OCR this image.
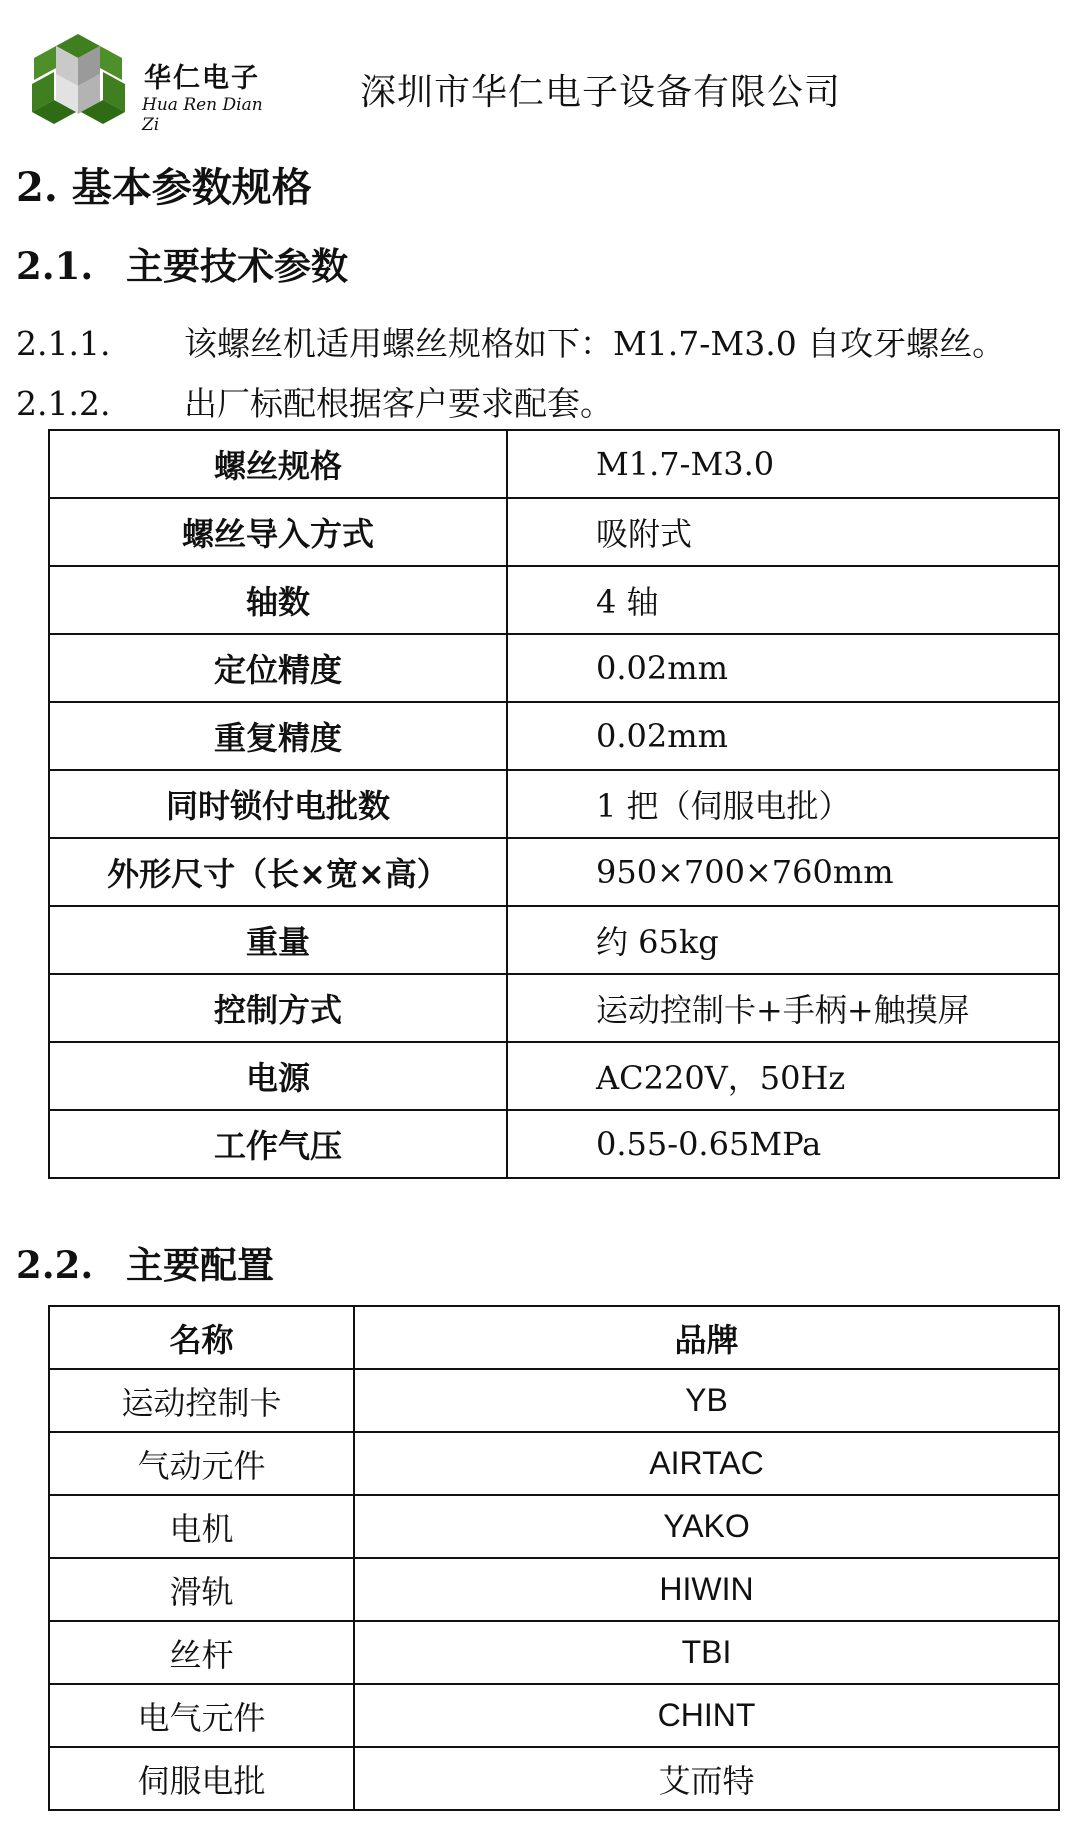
华仁电子
Hua Ren Dian Zi
深圳市华仁电子设备有限公司
2. 基本参数规格
2.1. 主要技术参数
2.1.1. 该螺丝机适用螺丝规格如下：M1.7-M3.0 自攻牙螺丝。
2.1.2. 出厂标配根据客户要求配套。
螺丝规格	M1.7-M3.0
螺丝导入方式	吸附式
轴数	4 轴
定位精度	0.02mm
重复精度	0.02mm
同时锁付电批数	1 把（伺服电批）
外形尺寸（长×宽×高）	950×700×760mm
重量	约 65kg
控制方式	运动控制卡+手柄+触摸屏
电源	AC220V，50Hz
工作气压	0.55-0.65MPa
2.2. 主要配置
名称	品牌
运动控制卡	YB
气动元件	AIRTAC
电机	YAKO
滑轨	HIWIN
丝杆	TBI
电气元件	CHINT
伺服电批	艾而特
